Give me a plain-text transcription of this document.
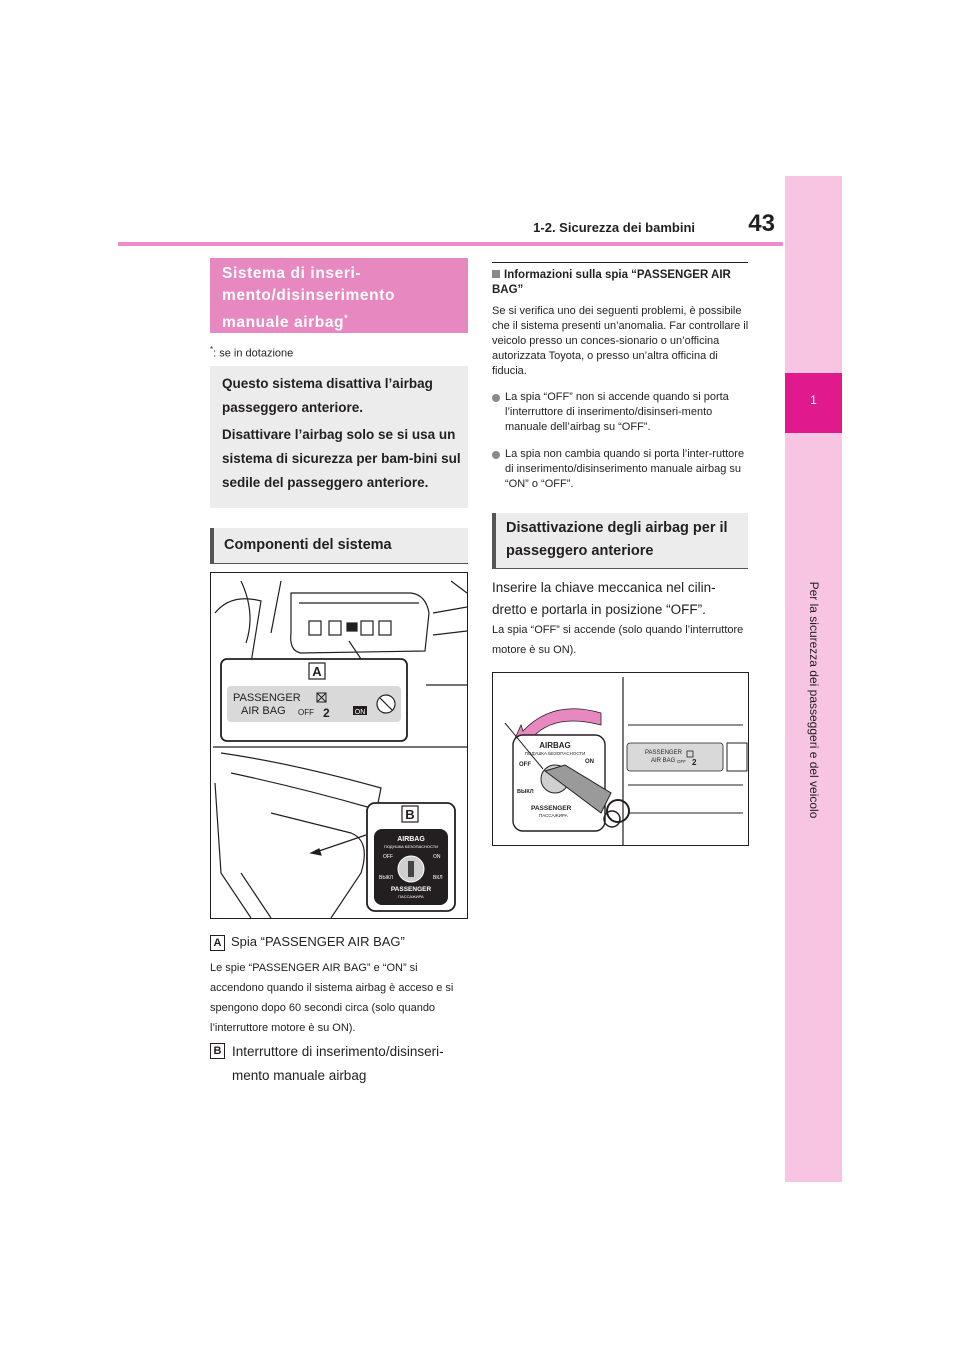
1-2. Sicurezza dei bambini	43
1
Per la sicurezza dei passeggeri e del veicolo
Sistema di inseri-
mento/disinserimento
manuale airbag*
*: se in dotazione

Questo sistema disattiva l’airbag passeggero anteriore.

Disattivare l’airbag solo se si usa un sistema di sicurezza per bam-bini sul sedile del passeggero anteriore.

Componenti del sistema
A
PASSENGER
AIR BAG OFF 2	ON
B
AIRBAG
ПОДУШКА БЕЗОПАСНОСТИ
OFF	ON
ВЫКЛ	ВКЛ
PASSENGER
ПАССАЖИРА
A Spia “PASSENGER AIR BAG”
Le spie “PASSENGER AIR BAG” e “ON” si accendono quando il sistema airbag è acceso e si spengono dopo 60 secondi circa (solo quando l’interruttore motore è su ON).
B Interruttore di inserimento/disinseri-mento manuale airbag
Informazioni sulla spia “PASSENGER AIR BAG”
Se si verifica uno dei seguenti problemi, è possibile che il sistema presenti un’anomalia. Far controllare il veicolo presso un conces-sionario o un’officina autorizzata Toyota, o presso un’altra officina di fiducia.
La spia “OFF” non si accende quando si porta l’interruttore di inserimento/disinseri-mento manuale dell’airbag su “OFF”.
La spia non cambia quando si porta l’inter-ruttore di inserimento/disinserimento manuale airbag su “ON” o “OFF”.
Disattivazione degli airbag per il passeggero anteriore
Inserire la chiave meccanica nel cilin-dretto e portarla in posizione “OFF”.
La spia “OFF” si accende (solo quando l’interruttore motore è su ON).
AIRBAG
ПОДУШКА БЕЗОПАСНОСТИ
OFF	ON
ВЫКЛ
PASSENGER
ПАССАЖИРА
PASSENGER
AIR BAG OFF 2
